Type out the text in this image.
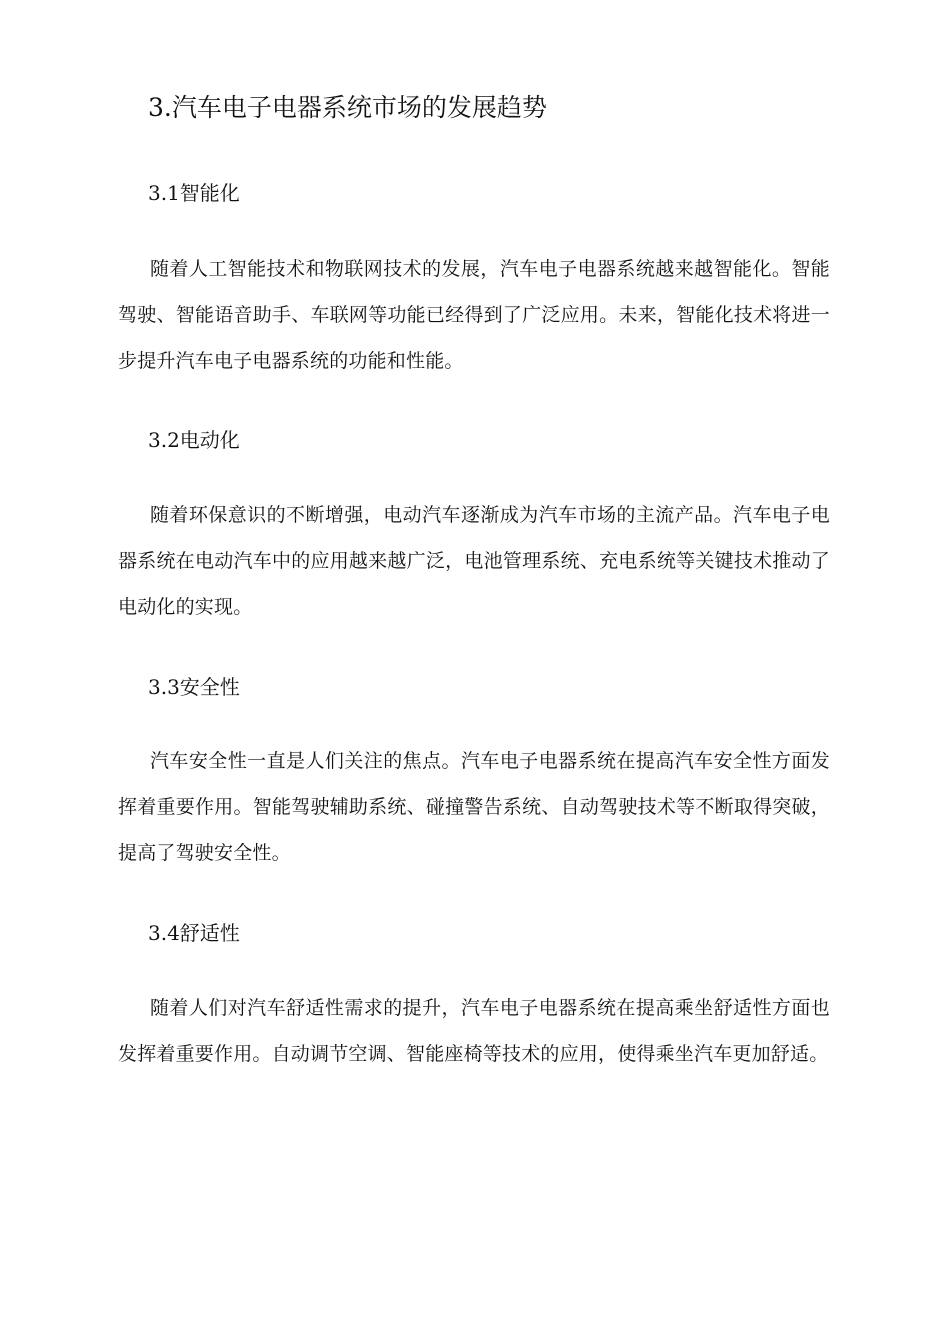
3.汽车电子电器系统市场的发展趋势
3.1智能化

随着人工智能技术和物联网技术的发展，汽车电子电器系统越来越智能化。智能驾驶、智能语音助手、车联网等功能已经得到了广泛应用。未来，智能化技术将进一步提升汽车电子电器系统的功能和性能。

3.2电动化

随着环保意识的不断增强，电动汽车逐渐成为汽车市场的主流产品。汽车电子电器系统在电动汽车中的应用越来越广泛，电池管理系统、充电系统等关键技术推动了电动化的实现。

3.3安全性

汽车安全性一直是人们关注的焦点。汽车电子电器系统在提高汽车安全性方面发挥着重要作用。智能驾驶辅助系统、碰撞警告系统、自动驾驶技术等不断取得突破，提高了驾驶安全性。

3.4舒适性

随着人们对汽车舒适性需求的提升，汽车电子电器系统在提高乘坐舒适性方面也发挥着重要作用。自动调节空调、智能座椅等技术的应用，使得乘坐汽车更加舒适。
